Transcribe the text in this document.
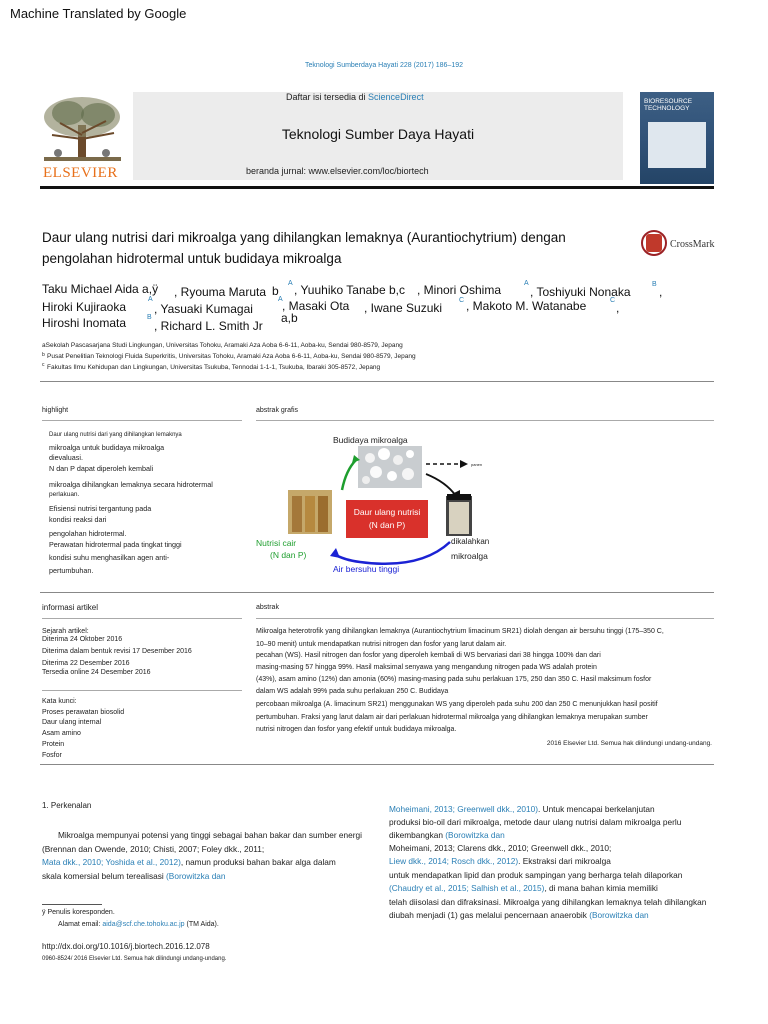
Machine Translated by Google
Teknologi Sumberdaya Hayati 228 (2017) 186–192
ELSEVIER
Daftar isi tersedia di ScienceDirect
Teknologi Sumber Daya Hayati
beranda jurnal: www.elsevier.com/loc/biortech
BIORESOURCE TECHNOLOGY
Daur ulang nutrisi dari mikroalga yang dihilangkan lemaknya (Aurantiochytrium) dengan
pengolahan hidrotermal untuk budidaya mikroalga
CrossMark
Taku Michael Aida a,ÿ , Ryouma Maruta b
A , Yuuhiko Tanabe b,c , Minori Oshima	A
, Toshiyuki Nonaka
B
,
Hiroki Kujiraoka
A
, Yasuaki Kumagai
A , Masaki Ota , Iwane Suzuki
C , Makoto M. Watanabe	C
,
Hiroshi Inomata	B
, Richard L. Smith Jr
a,b
aSekolah Pascasarjana Studi Lingkungan, Universitas Tohoku, Aramaki Aza Aoba 6-6-11, Aoba-ku, Sendai 980-8579, Jepang
b Pusat Penelitian Teknologi Fluida Superkritis, Universitas Tohoku, Aramaki Aza Aoba 6-6-11, Aoba-ku, Sendai 980-8579, Jepang
c Fakultas Ilmu Kehidupan dan Lingkungan, Universitas Tsukuba, Tennodai 1-1-1, Tsukuba, Ibaraki 305-8572, Jepang
highlight
Daur ulang nutrisi dari yang dihilangkan lemaknya
mikroalga untuk budidaya mikroalga
dievaluasi.
N dan P dapat diperoleh kembali
mikroalga dihilangkan lemaknya secara hidrotermal
perlakuan.
Efisiensi nutrisi tergantung pada
kondisi reaksi dari
pengolahan hidrotermal.
Perawatan hidrotermal pada tingkat tinggi
kondisi suhu menghasilkan agen anti-
pertumbuhan.
abstrak grafis
Budidaya mikroalga
panen
Daur ulang nutrisi
(N dan P)
Nutrisi cair
(N dan P)
dikalahkan
mikroalga
Air bersuhu tinggi
informasi artikel
Sejarah artikel:
Diterima 24 Oktober 2016
Diterima dalam bentuk revisi 17 Desember 2016
Diterima 22 Desember 2016
Tersedia online 24 Desember 2016
Kata kunci:
Proses perawatan biosolid
Daur ulang internal
Asam amino
Protein
Fosfor
abstrak
Mikroalga heterotrofik yang dihilangkan lemaknya (Aurantiochytrium limacinum SR21) diolah dengan air bersuhu tinggi (175–350 C,
10–90 menit) untuk mendapatkan nutrisi nitrogen dan fosfor yang larut dalam air.
pecahan (WS). Hasil nitrogen dan fosfor yang diperoleh kembali di WS bervariasi dari 38 hingga 100% dan dari
masing-masing 57 hingga 99%. Hasil maksimal senyawa yang mengandung nitrogen pada WS adalah protein
(43%), asam amino (12%) dan amonia (60%) masing-masing pada suhu perlakuan 175, 250 dan 350 C. Hasil maksimum fosfor
dalam WS adalah 99% pada suhu perlakuan 250 C. Budidaya
percobaan mikroalga (A. limacinum SR21) menggunakan WS yang diperoleh pada suhu 200 dan 250 C menunjukkan hasil positif
pertumbuhan. Fraksi yang larut dalam air dari perlakuan hidrotermal mikroalga yang dihilangkan lemaknya merupakan sumber
nutrisi nitrogen dan fosfor yang efektif untuk budidaya mikroalga.
2016 Elsevier Ltd. Semua hak dilindungi undang-undang.
1. Perkenalan
Mikroalga mempunyai potensi yang tinggi sebagai bahan bakar dan sumber energi
(Brennan dan Owende, 2010; Chisti, 2007; Foley dkk., 2011;
Mata dkk., 2010; Yoshida et al., 2012), namun produksi bahan bakar alga dalam
skala komersial belum terealisasi (Borowitzka dan
Moheimani, 2013; Greenwell dkk., 2010). Untuk mencapai berkelanjutan
produksi bio-oil dari mikroalga, metode daur ulang nutrisi dalam mikroalga perlu
dikembangkan (Borowitzka dan
Moheimani, 2013; Clarens dkk., 2010; Greenwell dkk., 2010;
Liew dkk., 2014; Rosch dkk., 2012). Ekstraksi dari mikroalga
untuk mendapatkan lipid dan produk sampingan yang berharga telah dilaporkan
(Chaudry et al., 2015; Salhish et al., 2015), di mana bahan kimia memiliki
telah diisolasi dan difraksinasi. Mikroalga yang dihilangkan lemaknya telah dihilangkan
diubah menjadi (1) gas melalui pencernaan anaerobik (Borowitzka dan
ÿ Penulis koresponden.
Alamat email: aida@scf.che.tohoku.ac.jp (TM Aida).
http://dx.doi.org/10.1016/j.biortech.2016.12.078
0960-8524/ 2016 Elsevier Ltd. Semua hak dilindungi undang-undang.
